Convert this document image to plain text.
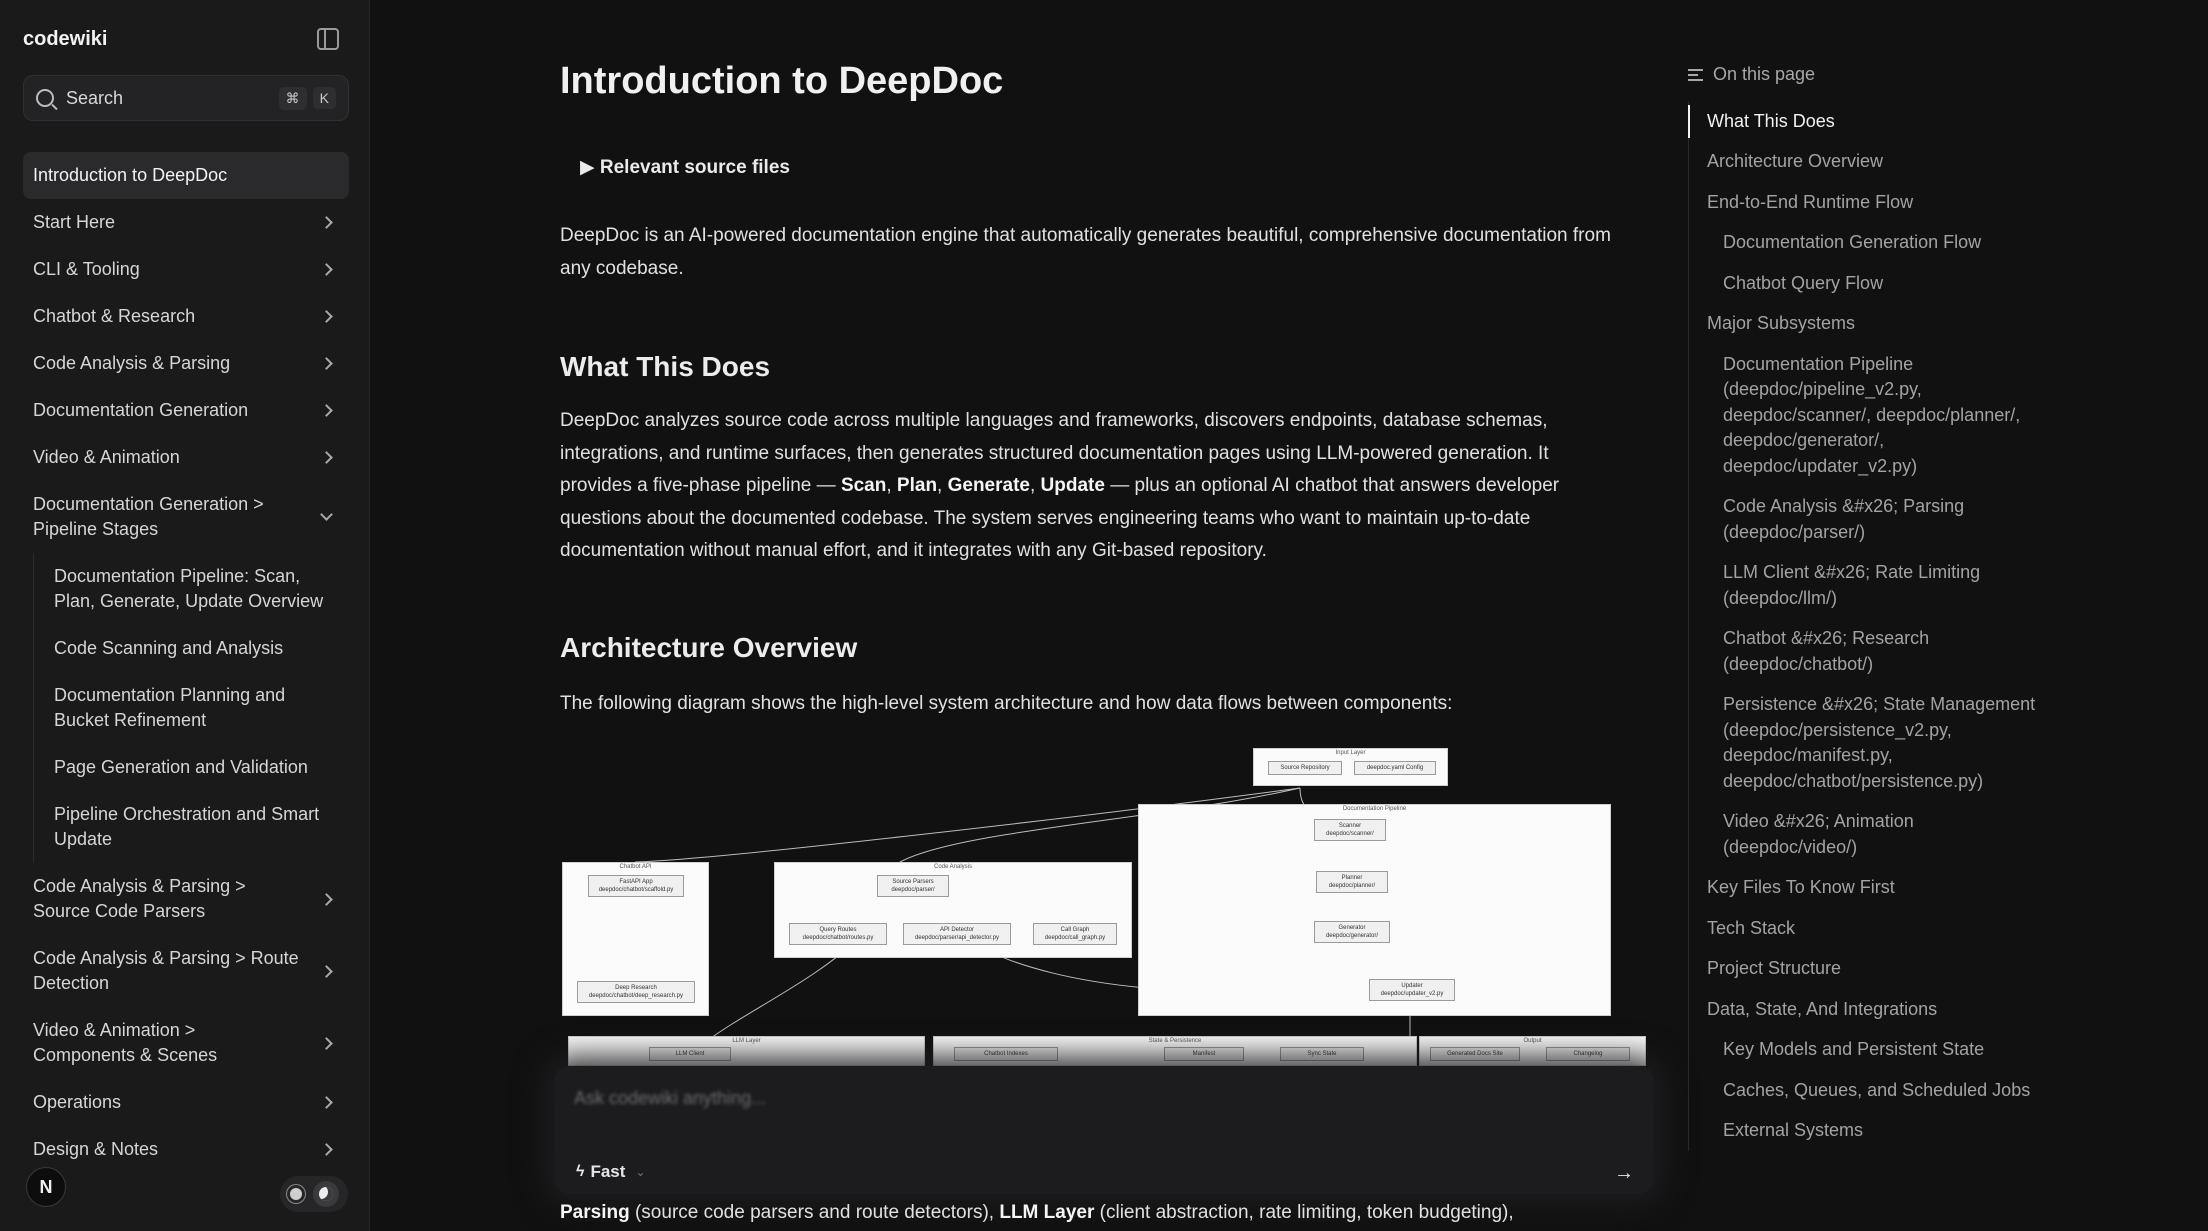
codewiki
Search	⌘	K
Introduction to DeepDoc
Start Here
CLI & Tooling
Chatbot & Research
Code Analysis & Parsing
Documentation Generation
Video & Animation
Documentation Generation > Pipeline Stages
Documentation Pipeline: Scan, Plan, Generate, Update Overview
Code Scanning and Analysis
Documentation Planning and Bucket Refinement
Page Generation and Validation
Pipeline Orchestration and Smart Update
Code Analysis & Parsing > Source Code Parsers
Code Analysis & Parsing > Route Detection
Video & Animation > Components & Scenes
Operations
Design & Notes
N
Introduction to DeepDoc
▶ Relevant source files

DeepDoc is an AI-powered documentation engine that automatically generates beautiful, comprehensive documentation from any codebase.

What This Does

DeepDoc analyzes source code across multiple languages and frameworks, discovers endpoints, database schemas, integrations, and runtime surfaces, then generates structured documentation pages using LLM-powered generation. It provides a five-phase pipeline — Scan, Plan, Generate, Update — plus an optional AI chatbot that answers developer questions about the documented codebase. The system serves engineering teams who want to maintain up-to-date documentation without manual effort, and it integrates with any Git-based repository.

Architecture Overview

The following diagram shows the high-level system architecture and how data flows between components:

Input Layer
Source Repository	deepdoc.yaml Config
Documentation Pipeline
Scanner
deepdoc/scanner/
Planner
deepdoc/planner/
Generator
deepdoc/generator/
Updater
deepdoc/updater_v2.py
Chatbot API
FastAPI App
deepdoc/chatbot/scaffold.py
Deep Research
deepdoc/chatbot/deep_research.py
Code Analysis
Source Parsers
deepdoc/parser/
Query Routes
deepdoc/chatbot/routes.py
API Detector
deepdoc/parser/api_detector.py
Call Graph
deepdoc/call_graph.py
LLM Layer
LLM Client
State & Persistence
Chatbot Indexes	Manifest	Sync State
Output
Generated Docs Site	Changelog
Ask codewiki anything...
ϟ Fast ⌄	→

Parsing (source code parsers and route detectors), LLM Layer (client abstraction, rate limiting, token budgeting),

On this page
What This Does
Architecture Overview
End-to-End Runtime Flow
Documentation Generation Flow
Chatbot Query Flow
Major Subsystems
Documentation Pipeline (deepdoc/pipeline_v2.py, deepdoc/scanner/, deepdoc/planner/, deepdoc/generator/, deepdoc/updater_v2.py)
Code Analysis &#x26; Parsing (deepdoc/parser/)
LLM Client &#x26; Rate Limiting (deepdoc/llm/)
Chatbot &#x26; Research (deepdoc/chatbot/)
Persistence &#x26; State Management (deepdoc/persistence_v2.py, deepdoc/manifest.py, deepdoc/chatbot/persistence.py)
Video &#x26; Animation (deepdoc/video/)
Key Files To Know First
Tech Stack
Project Structure
Data, State, And Integrations
Key Models and Persistent State
Caches, Queues, and Scheduled Jobs
External Systems
